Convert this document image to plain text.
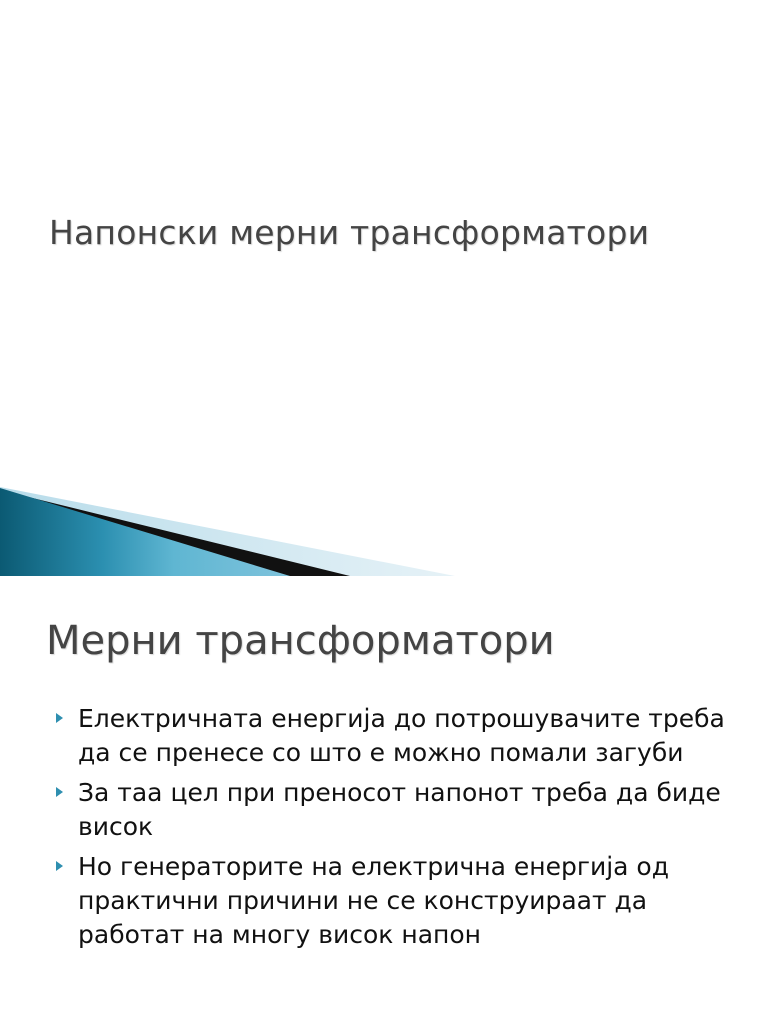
Напонски мерни трансформатори
Мерни трансформатори
Електричната енергија до потрошувачите треба да се пренесе со што е можно помали загуби
За таа цел при преносот напонот треба да биде висок
Но генераторите на електрична енергија од практични причини не се конструираат да работат на многу висок напон
